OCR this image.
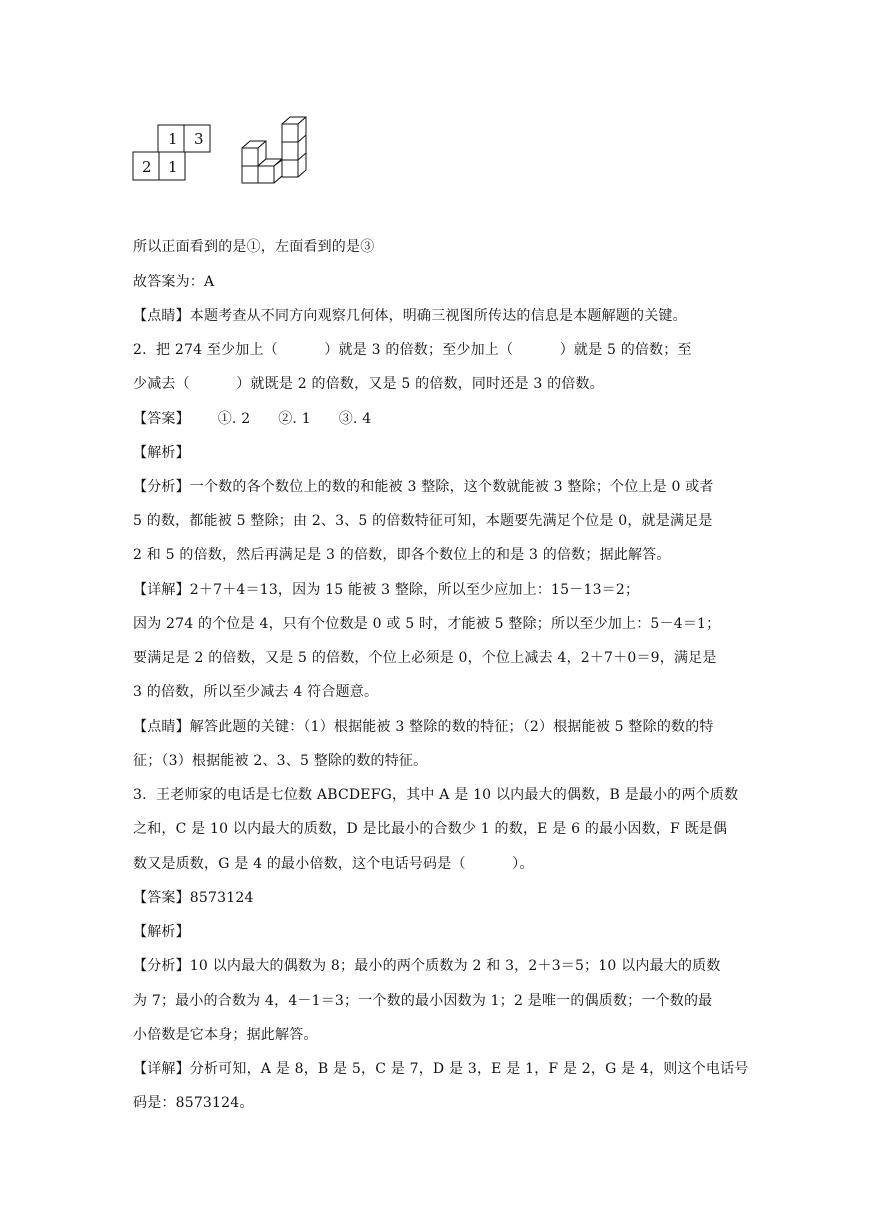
1 3
2 1
所以正面看到的是①，左面看到的是③
故答案为：A
【点睛】本题考查从不同方向观察几何体，明确三视图所传达的信息是本题解题的关键。
2.  把 274 至少加上（          ）就是 3 的倍数；至少加上（          ）就是 5 的倍数；至
少减去（          ）就既是 2 的倍数，又是 5 的倍数，同时还是 3 的倍数。
【答案】      ①. 2      ②. 1      ③. 4
【解析】
【分析】一个数的各个数位上的数的和能被 3 整除，这个数就能被 3 整除；个位上是 0 或者
5 的数，都能被 5 整除；由 2、3、5 的倍数特征可知，本题要先满足个位是 0，就是满足是
2 和 5 的倍数，然后再满足是 3 的倍数，即各个数位上的和是 3 的倍数；据此解答。
【详解】2＋7＋4＝13，因为 15 能被 3 整除，所以至少应加上：15－13＝2；
因为 274 的个位是 4，只有个位数是 0 或 5 时，才能被 5 整除；所以至少加上：5－4＝1；
要满足是 2 的倍数，又是 5 的倍数，个位上必须是 0，个位上减去 4，2＋7＋0＝9，满足是
3 的倍数，所以至少减去 4 符合题意。
【点睛】解答此题的关键：（1）根据能被 3 整除的数的特征；（2）根据能被 5 整除的数的特
征；（3）根据能被 2、3、5 整除的数的特征。
3.  王老师家的电话是七位数 ABCDEFG，其中 A 是 10 以内最大的偶数，B 是最小的两个质数
之和，C 是 10 以内最大的质数，D 是比最小的合数少 1 的数，E 是 6 的最小因数，F 既是偶
数又是质数，G 是 4 的最小倍数，这个电话号码是（          ）。
【答案】8573124
【解析】
【分析】10 以内最大的偶数为 8；最小的两个质数为 2 和 3，2＋3＝5；10 以内最大的质数
为 7；最小的合数为 4，4－1＝3；一个数的最小因数为 1；2 是唯一的偶质数；一个数的最
小倍数是它本身；据此解答。
【详解】分析可知，A 是 8，B 是 5，C 是 7，D 是 3，E 是 1，F 是 2，G 是 4，则这个电话号
码是：8573124。
